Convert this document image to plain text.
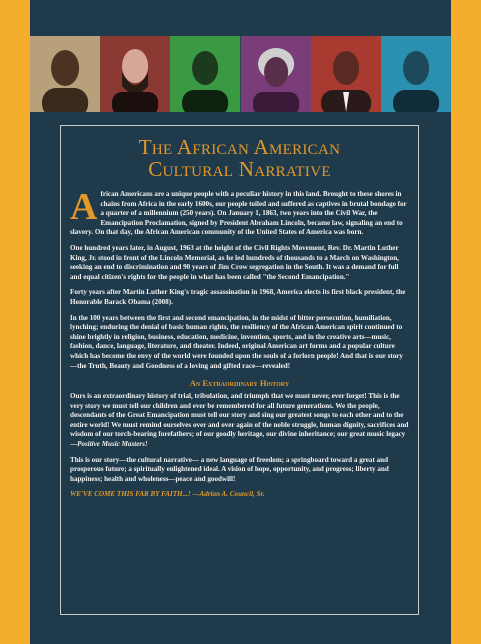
The African American
Cultural Narrative

African Americans are a unique people with a peculiar history in this land. Brought to these shores in chains from Africa in the early 1600s, our people toiled and suffered as captives in brutal bondage for a quarter of a millennium (250 years). On January 1, 1863, two years into the Civil War, the Emancipation Proclamation, signed by President Abraham Lincoln, became law, signaling an end to slavery. On that day, the African American community of the United States of America was born.

One hundred years later, in August, 1963 at the height of the Civil Rights Movement, Rev. Dr. Martin Luther King, Jr. stood in front of the Lincoln Memorial, as he led hundreds of thousands to a March on Washington, seeking an end to discrimination and 90 years of Jim Crow segregation in the South. It was a demand for full and equal citizen's rights for the people in what has been called "the Second Emancipation."

Forty years after Martin Luther King's tragic assassination in 1968, America elects its first black president, the Honorable Barack Obama (2008).

In the 100 years between the first and second emancipation, in the midst of bitter persecution, humiliation, lynching; enduring the denial of basic human rights, the resiliency of the African American spirit continued to shine brightly in religion, business, education, medicine, invention, sports, and in the creative arts—music, fashion, dance, language, literature, and theater. Indeed, original American art forms and a popular culture which has become the envy of the world were founded upon the souls of a forlorn people! And that is our story—the Truth, Beauty and Goodness of a loving and gifted race—revealed!

An Extraordinary History

Ours is an extraordinary history of trial, tribulation, and triumph that we must never, ever forget! This is the very story we must tell our children and ever be remembered for all future generations. We the people, descendants of the Great Emancipation must tell our story and sing our greatest songs to each other and to the entire world! We must remind ourselves over and over again of the noble struggle, human dignity, sacrifices and wisdom of our torch-bearing forefathers; of our goodly heritage, our divine inheritance; our great music legacy—Positive Music Masters!

This is our story—the cultural narrative— a new language of freedom; a springboard toward a great and prosperous future; a spiritually enlightened ideal. A vision of hope, opportunity, and progress; liberty and happiness; health and wholeness—peace and goodwill!

WE'VE COME THIS FAR BY FAITH...! —Adrian A. Council, Sr.
